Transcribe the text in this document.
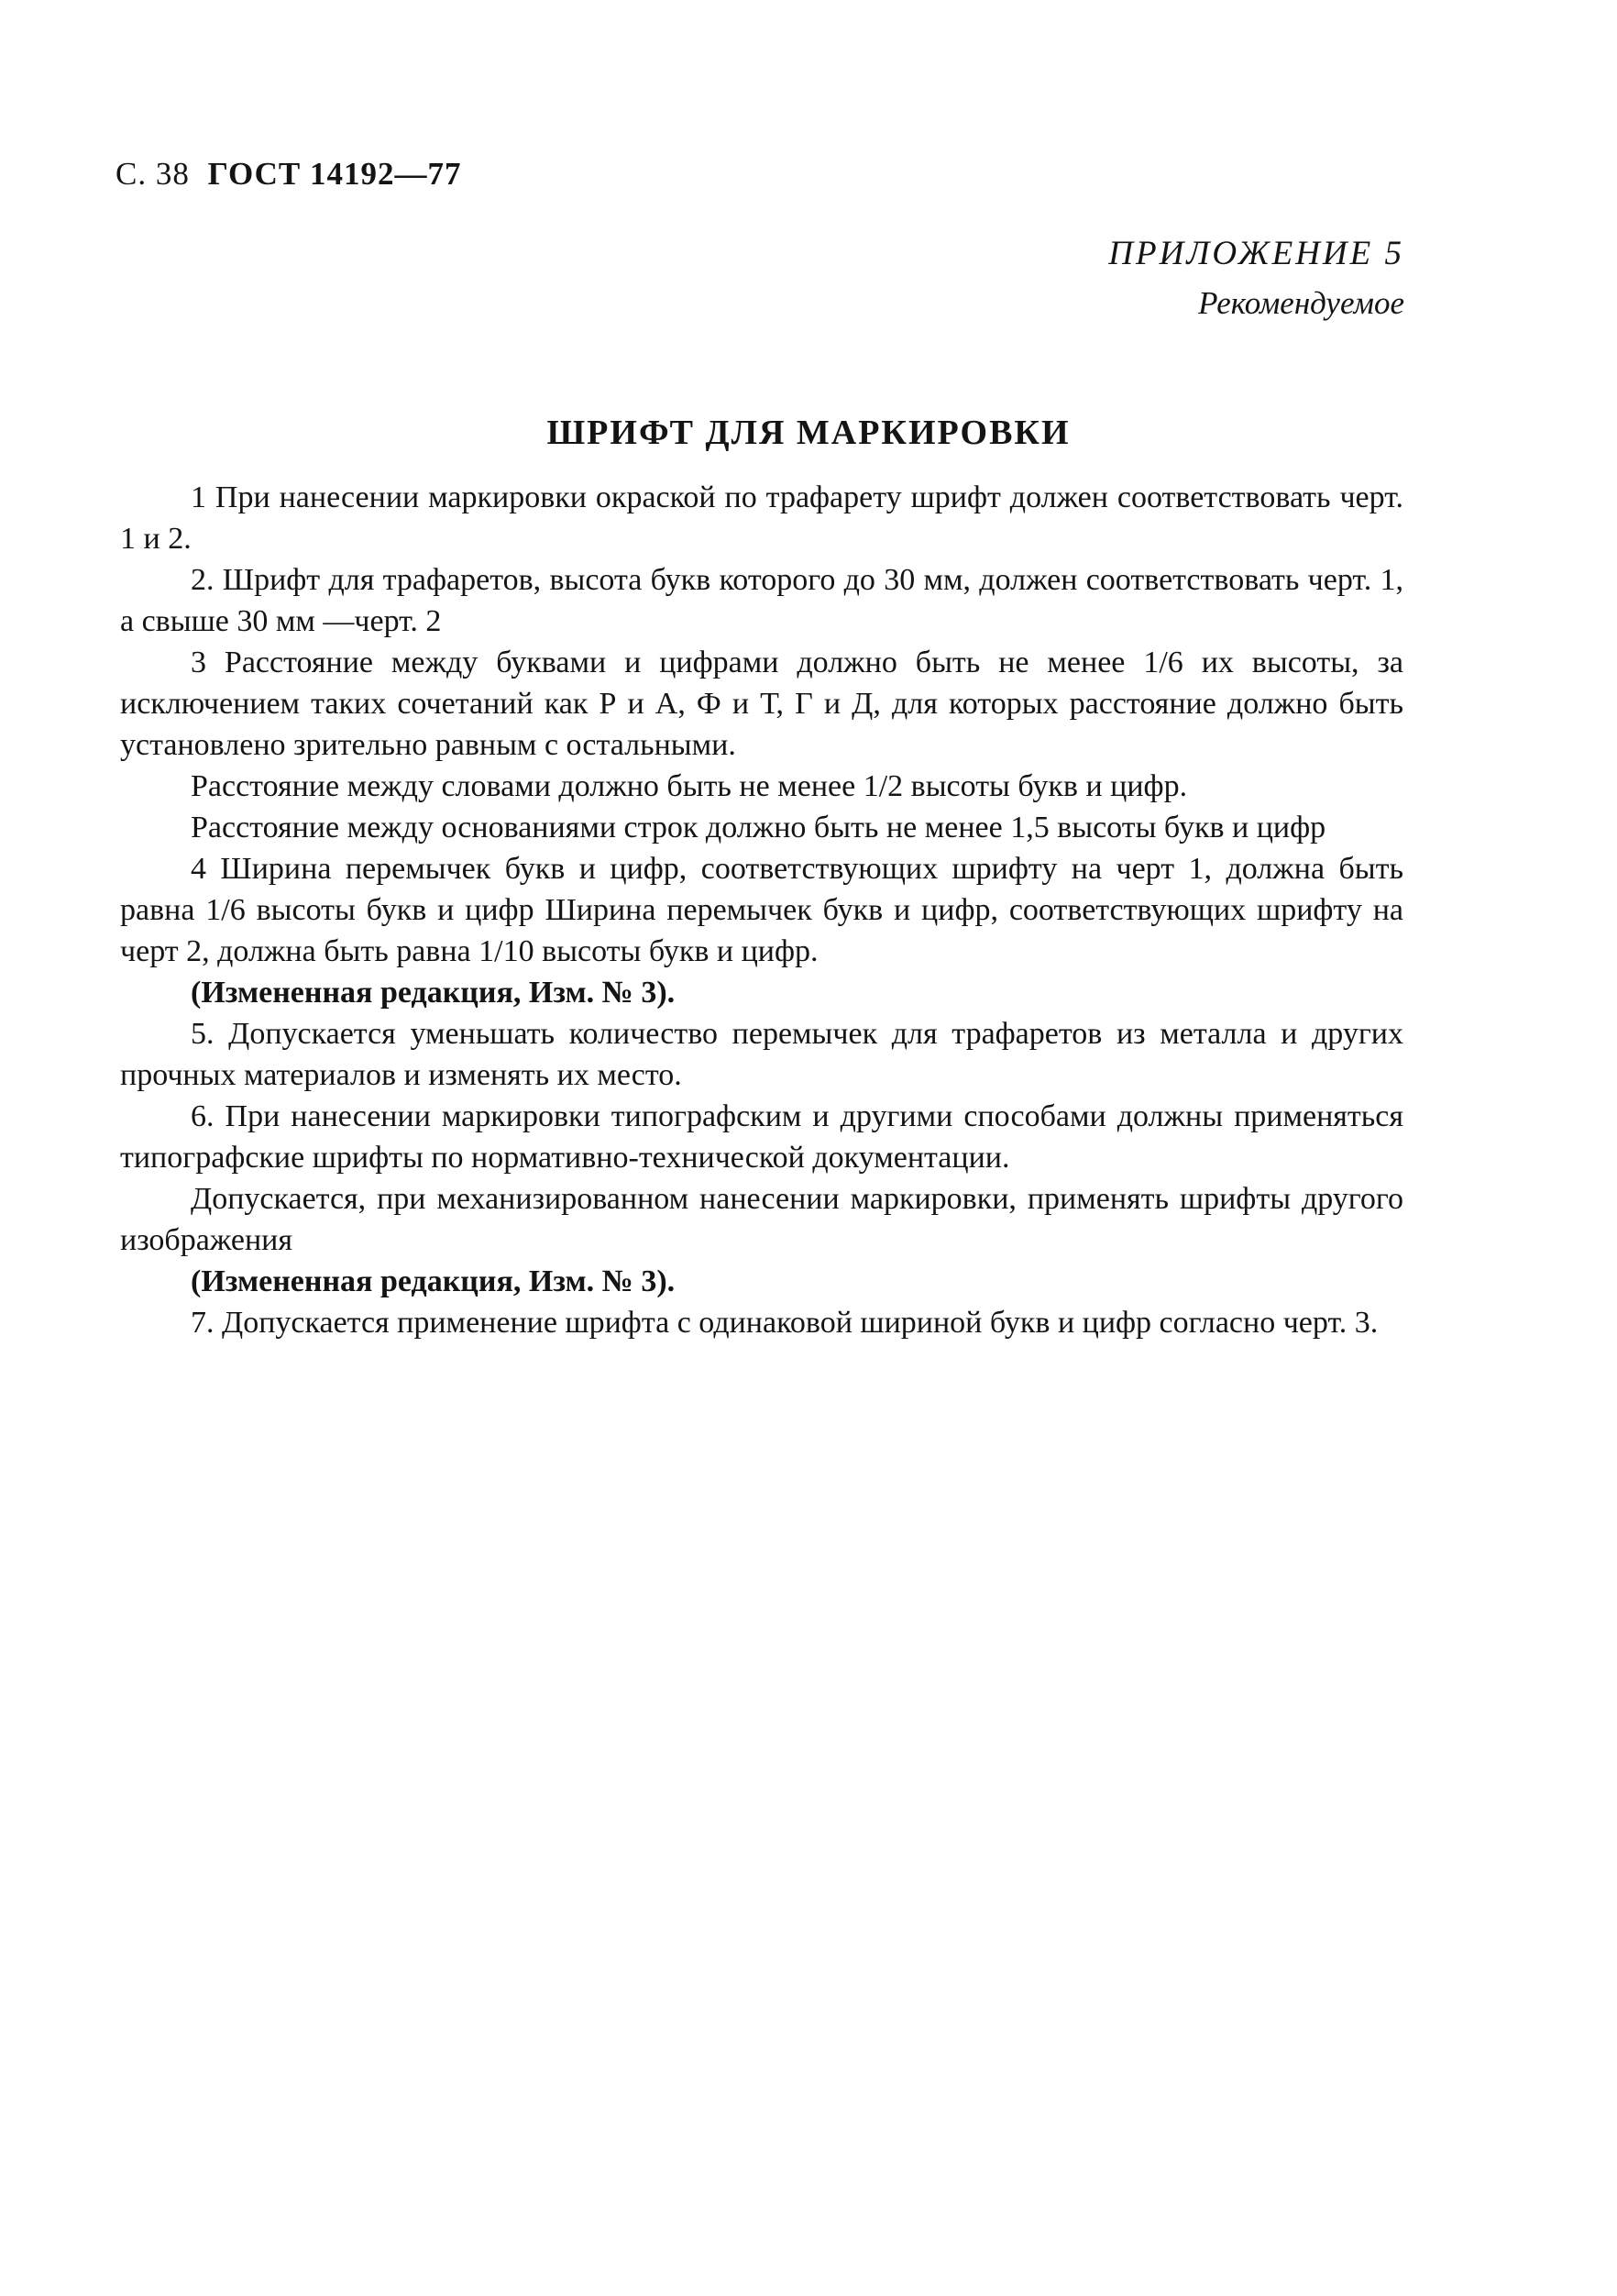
С. 38 ГОСТ 14192—77
ПРИЛОЖЕНИЕ 5
Рекомендуемое
ШРИФТ ДЛЯ МАРКИРОВКИ

1 При нанесении маркировки окраской по трафарету шрифт должен соответствовать черт. 1 и 2.

2. Шрифт для трафаретов, высота букв которого до 30 мм, должен соответствовать черт. 1, а свыше 30 мм —черт. 2

3 Расстояние между буквами и цифрами должно быть не менее 1/6 их высоты, за исключением таких сочетаний как Р и А, Ф и Т, Г и Д, для которых расстояние должно быть установлено зрительно равным с остальными.

Расстояние между словами должно быть не менее 1/2 высоты букв и цифр.

Расстояние между основаниями строк должно быть не менее 1,5 высоты букв и цифр

4 Ширина перемычек букв и цифр, соответствующих шрифту на черт 1, должна быть равна 1/6 высоты букв и цифр Ширина перемычек букв и цифр, соответствующих шрифту на черт 2, должна быть равна 1/10 высоты букв и цифр.

(Измененная редакция, Изм. № 3).

5. Допускается уменьшать количество перемычек для трафаретов из металла и других прочных материалов и изменять их место.

6. При нанесении маркировки типографским и другими способами должны применяться типографские шрифты по нормативно-технической документации.

Допускается, при механизированном нанесении маркировки, применять шрифты другого изображения

(Измененная редакция, Изм. № 3).

7. Допускается применение шрифта с одинаковой шириной букв и цифр согласно черт. 3.
